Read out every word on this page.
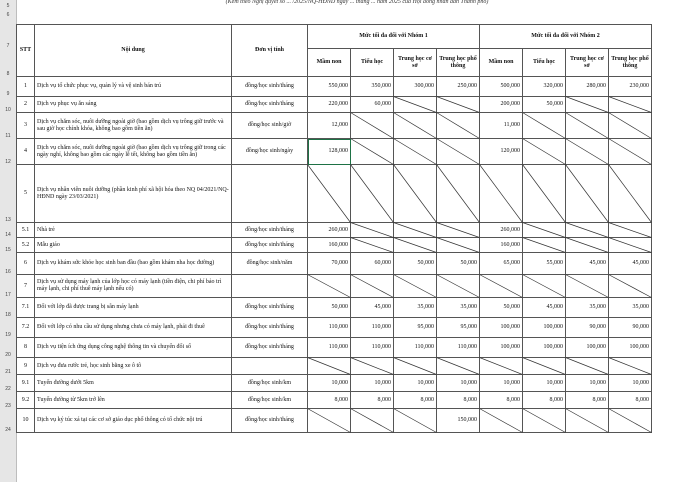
(Kèm theo Nghị quyết số ... /2025/NQ-HĐND ngày ... tháng ... năm 2025 của Hội đồng nhân dân Thành phố)
5
6
7
8
9
10
11
12
13
14
15
16
17
18
19
20
21
22
23
24
STT	Nội dung	Đơn vị tính	Mức tối đa đối với Nhóm 1				Mức tối đa đối với Nhóm 2			
			Mầm non	Tiểu học	Trung học cơ sở	Trung học phổ thông	Mầm non	Tiểu học	Trung học cơ sở	Trung học phổ thông
1	Dịch vụ tổ chức phục vụ, quản lý và vệ sinh bán trú	đồng/học sinh/tháng	550,000	350,000	300,000	250,000	500,000	320,000	280,000	230,000
2	Dịch vụ phục vụ ăn sáng	đồng/học sinh/tháng	220,000	60,000			200,000	50,000		
3	Dịch vụ chăm sóc, nuôi dưỡng ngoài giờ (bao gồm dịch vụ trông giữ trước và sau giờ học chính khóa, không bao gồm tiền ăn)	đồng/học sinh/giờ	12,000				11,000			
4	Dịch vụ chăm sóc, nuôi dưỡng ngoài giờ (bao gồm dịch vụ trông giữ trong các ngày nghỉ, không bao gồm các ngày lễ tết, không bao gồm tiền ăn)	đồng/học sinh/ngày	128,000				120,000			
5	Dịch vụ nhân viên nuôi dưỡng (phần kinh phí xã hội hóa theo NQ 04/2021/NQ-HĐND ngày 23/03/2021)									
5.1	Nhà trẻ	đồng/học sinh/tháng	260,000				260,000			
5.2	Mẫu giáo	đồng/học sinh/tháng	160,000				160,000			
6	Dịch vụ khám sức khỏe học sinh ban đầu (bao gồm khám nha học đường)	đồng/học sinh/năm	70,000	60,000	50,000	50,000	65,000	55,000	45,000	45,000
7	Dịch vụ sử dụng máy lạnh của lớp học có máy lạnh (tiền điện, chi phí bảo trì máy lạnh, chi phí thuê máy lạnh nếu có)									
7.1	Đối với lớp đã được trang bị sẵn máy lạnh	đồng/học sinh/tháng	50,000	45,000	35,000	35,000	50,000	45,000	35,000	35,000
7.2	Đối với lớp có nhu cầu sử dụng nhưng chưa có máy lạnh, phải đi thuê	đồng/học sinh/tháng	110,000	110,000	95,000	95,000	100,000	100,000	90,000	90,000
8	Dịch vụ tiện ích ứng dụng công nghệ thông tin và chuyển đổi số	đồng/học sinh/tháng	110,000	110,000	110,000	110,000	100,000	100,000	100,000	100,000
9	Dịch vụ đưa rước trẻ, học sinh bằng xe ô tô									
9.1	Tuyến đường dưới 5km	đồng/học sinh/km	10,000	10,000	10,000	10,000	10,000	10,000	10,000	10,000
9.2	Tuyến đường từ 5km trở lên	đồng/học sinh/km	8,000	8,000	8,000	8,000	8,000	8,000	8,000	8,000
10	Dịch vụ ký túc xá tại các cơ sở giáo dục phổ thông có tổ chức nội trú	đồng/học sinh/tháng				150,000				
